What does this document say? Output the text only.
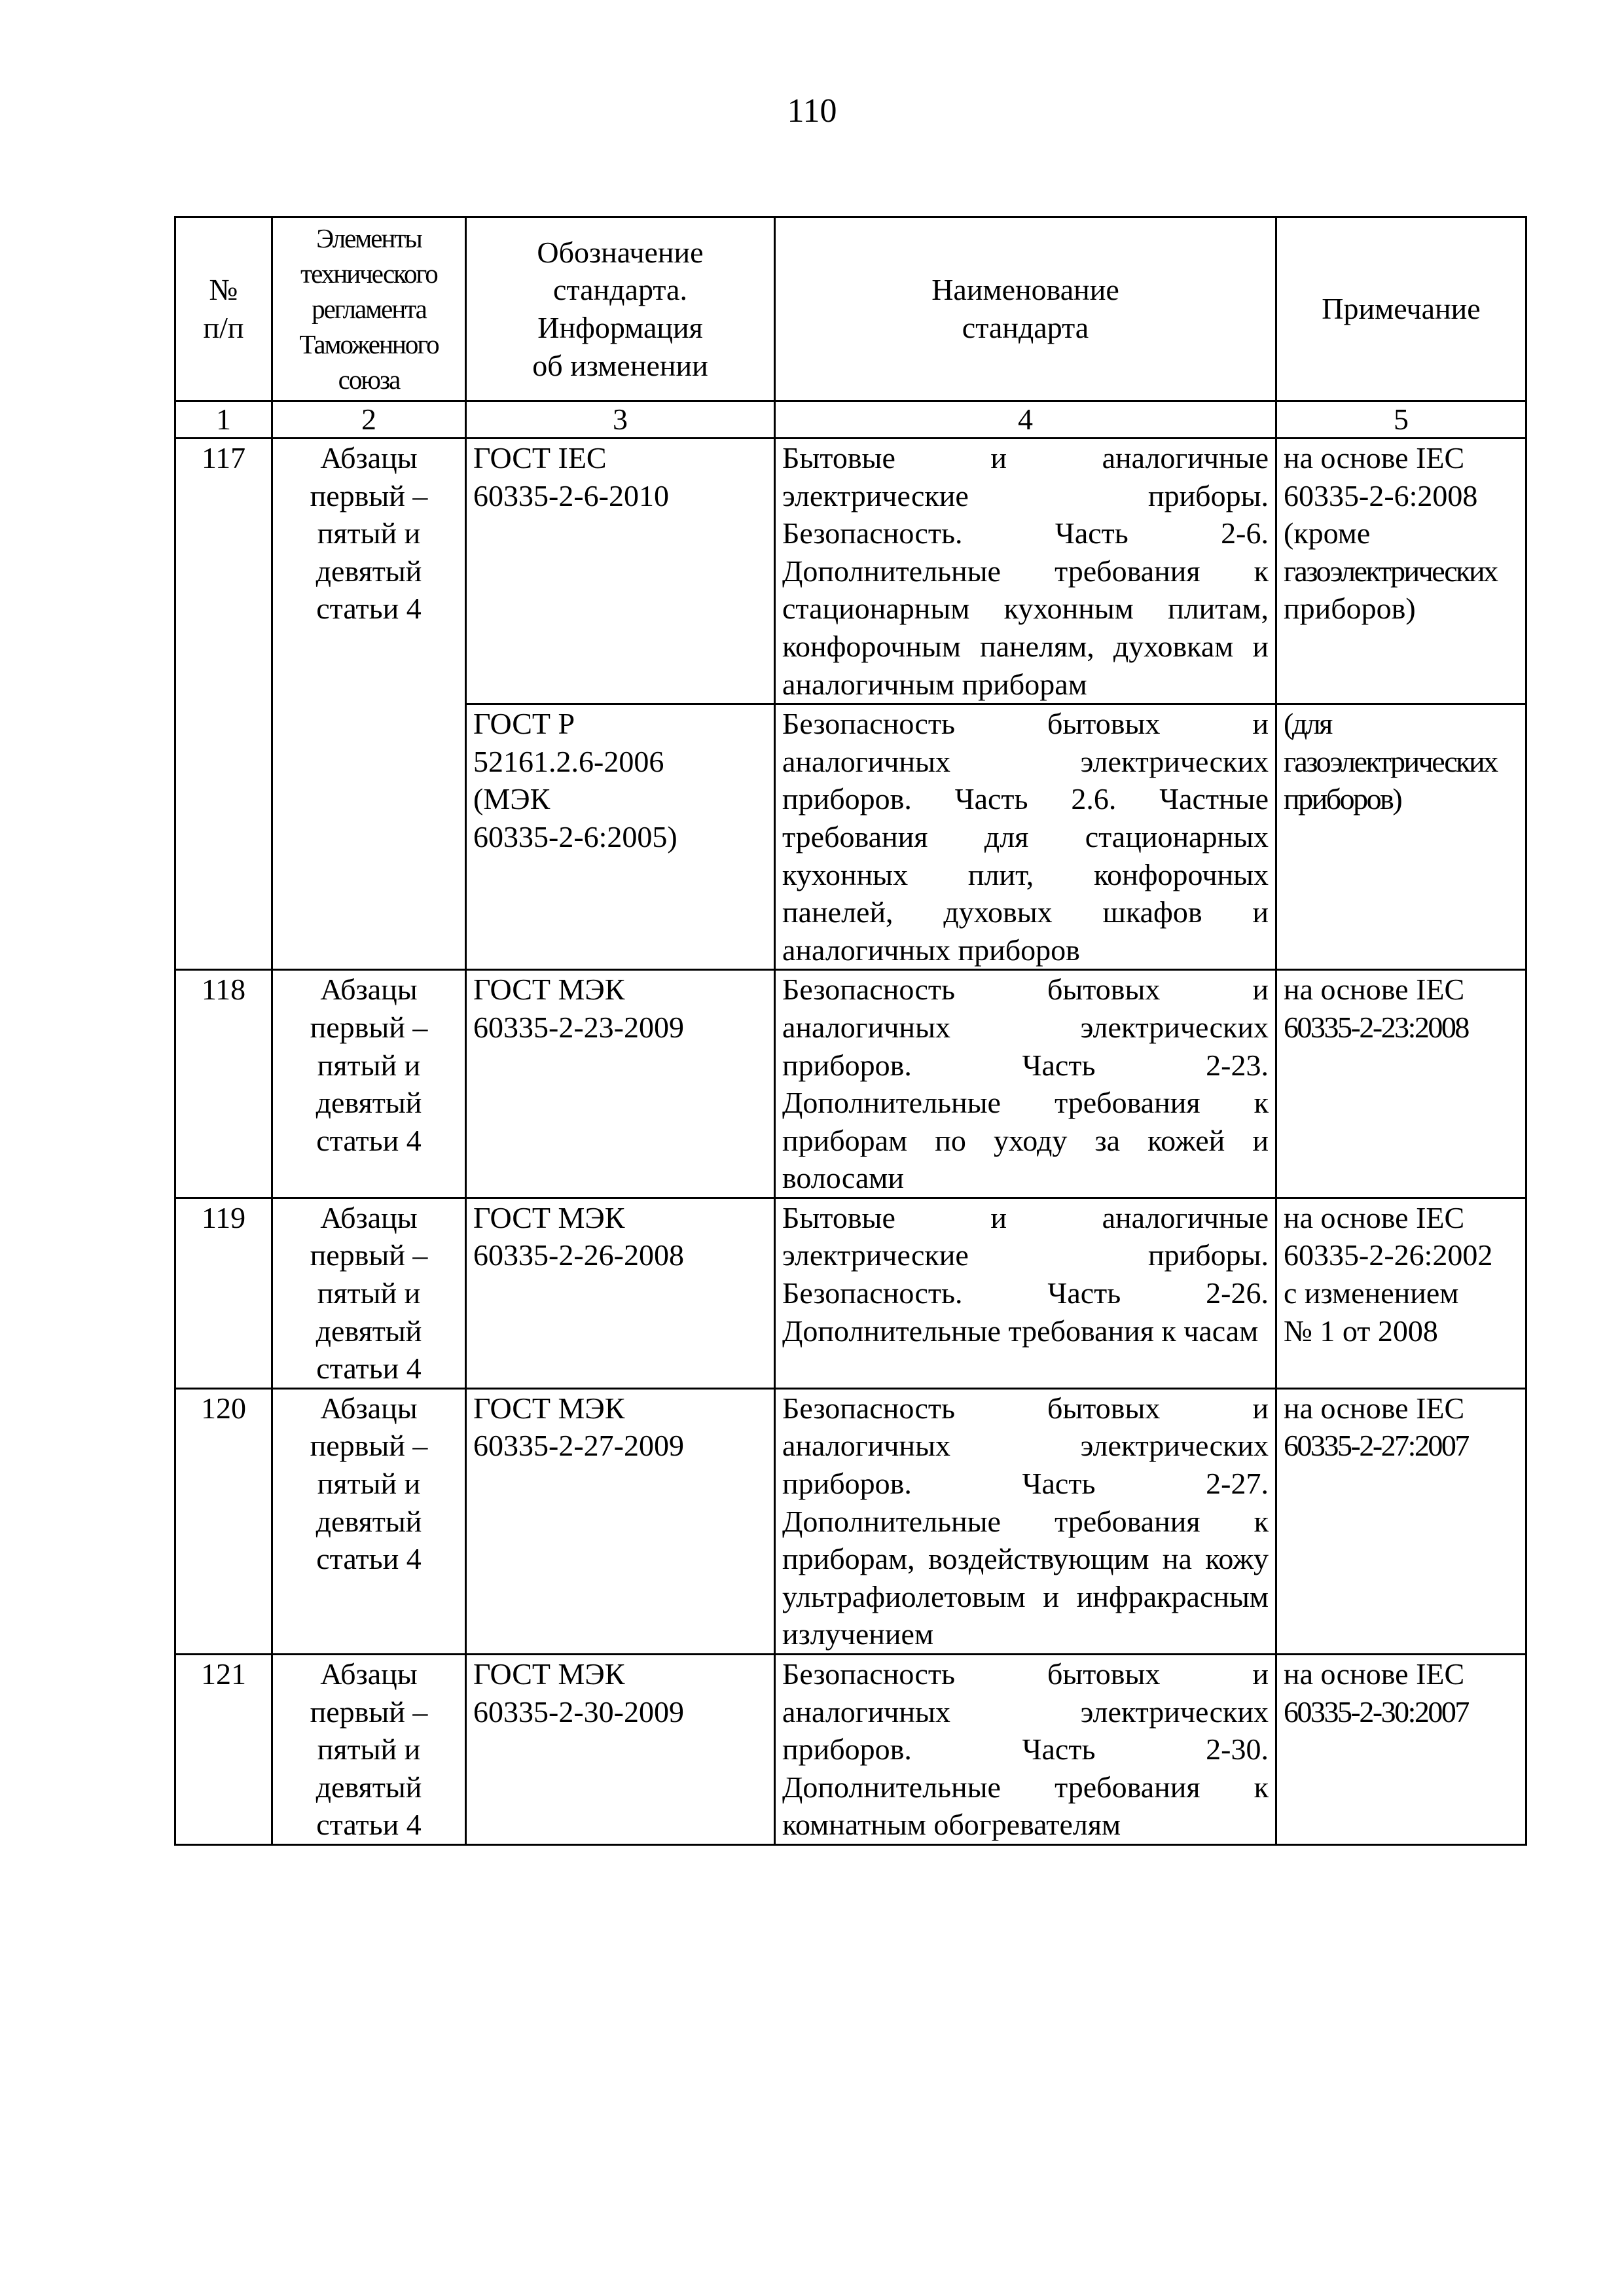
110
№
п/п	Элементы
технического
регламента
Таможенного
союза	Обозначение
стандарта.
Информация
об изменении	Наименование
стандарта	Примечание

1	2	3	4	5
117	Абзацы
первый –
пятый и
девятый
статьи 4	ГОСТ IEC
60335-2-6-2010	Бытовые и аналогичные электрические приборы. Безопасность. Часть 2-6. Дополнительные требования к стационарным кухонным плитам, конфорочным панелям, духовкам и аналогичным приборам	на основе IEC
60335-2-6:2008
(кроме
газоэлектрических
приборов)

		ГОСТ Р
52161.2.6-2006
(МЭК
60335-2-6:2005)	Безопасность бытовых и аналогичных электрических приборов. Часть 2.6. Частные требования для стационарных кухонных плит, конфорочных панелей, духовых шкафов и аналогичных приборов	(для
газоэлектрических
приборов)

118	Абзацы
первый –
пятый и
девятый
статьи 4	ГОСТ МЭК
60335-2-23-2009	Безопасность бытовых и аналогичных электрических приборов. Часть 2-23. Дополнительные требования к приборам по уходу за кожей и волосами	на основе IEC
60335-2-23:2008

119	Абзацы
первый –
пятый и
девятый
статьи 4	ГОСТ МЭК
60335-2-26-2008	Бытовые и аналогичные электрические приборы. Безопасность. Часть 2-26. Дополнительные требования к часам	на основе IEC
60335-2-26:2002
с изменением
№ 1 от 2008

120	Абзацы
первый –
пятый и
девятый
статьи 4	ГОСТ МЭК
60335-2-27-2009	Безопасность бытовых и аналогичных электрических приборов. Часть 2-27. Дополнительные требования к приборам, воздействующим на кожу ультрафиолетовым и инфракрасным излучением	на основе IEC
60335-2-27:2007

121	Абзацы
первый –
пятый и
девятый
статьи 4	ГОСТ МЭК
60335-2-30-2009	Безопасность бытовых и аналогичных электрических приборов. Часть 2-30. Дополнительные требования к комнатным обогревателям	на основе IEC
60335-2-30:2007
